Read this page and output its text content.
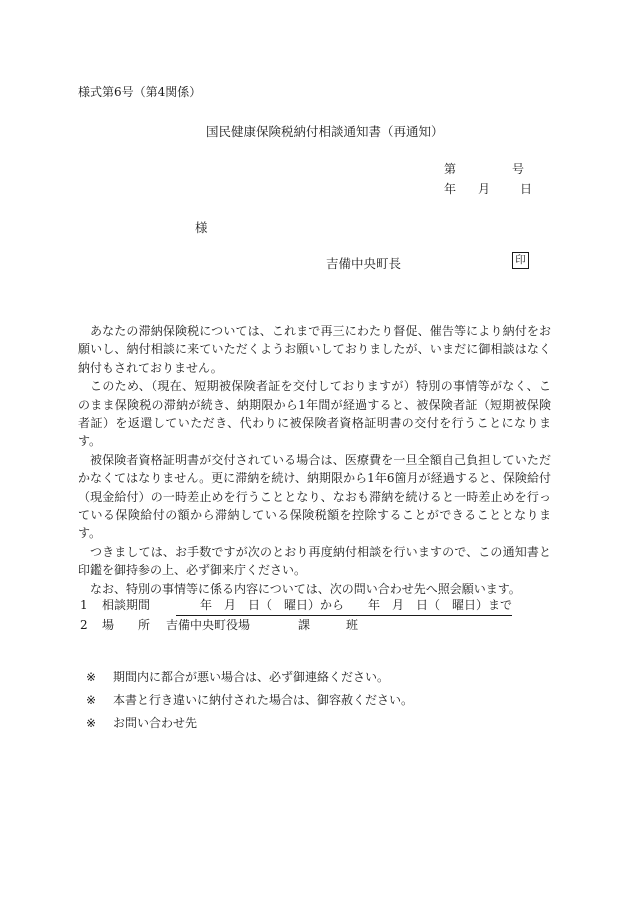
様式第6号（第4関係）
国民健康保険税納付相談通知書（再通知）
第	号
年 月 日
様
吉備中央町長	印

あなたの滞納保険税については、これまで再三にわたり督促、催告等により納付をお願いし、納付相談に来ていただくようお願いしておりましたが、いまだに御相談はなく納付もされておりません。

このため、（現在、短期被保険者証を交付しておりますが）特別の事情等がなく、このまま保険税の滞納が続き、納期限から1年間が経過すると、被保険者証（短期被保険者証）を返還していただき、代わりに被保険者資格証明書の交付を行うことになります。

被保険者資格証明書が交付されている場合は、医療費を一旦全額自己負担していただかなくてはなりません。更に滞納を続け、納期限から1年6箇月が経過すると、保険給付（現金給付）の一時差止めを行うこととなり、なおも滞納を続けると一時差止めを行っている保険給付の額から滞納している保険税額を控除することができることとなります。

つきましては、お手数ですが次のとおり再度納付相談を行いますので、この通知書と印鑑を御持参の上、必ず御来庁ください。

なお、特別の事情等に係る内容については、次の問い合わせ先へ照会願います。

1 相談期間　　年　月　日（　曜日）から　　年　月　日（　曜日）まで
2 場　　所 吉備中央町役場　　　　課　　　班
※ 期間内に都合が悪い場合は、必ず御連絡ください。
※ 本書と行き違いに納付された場合は、御容赦ください。
※ お問い合わせ先
